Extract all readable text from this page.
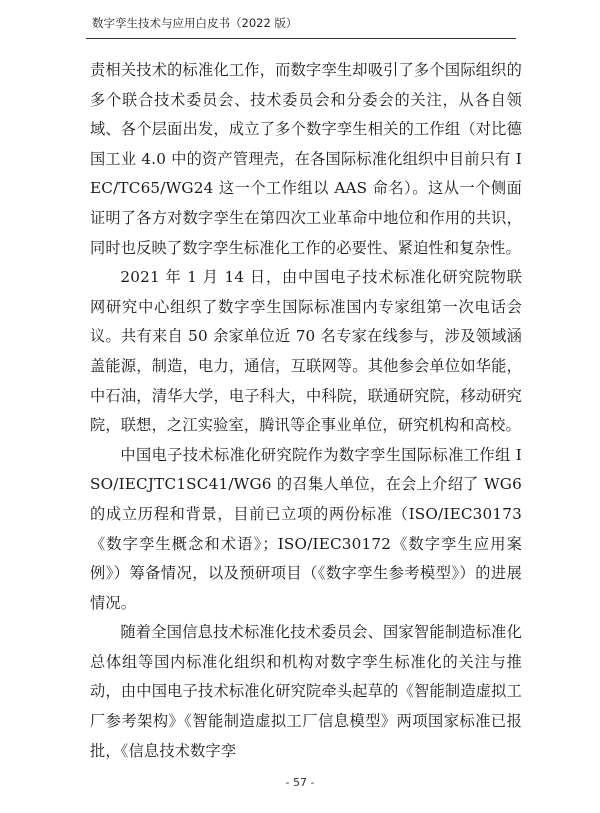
数字孪生技术与应用白皮书（2022 版）

责相关技术的标准化工作，而数字孪生却吸引了多个国际组织的多个联合技术委员会、技术委员会和分委会的关注，从各自领域、各个层面出发，成立了多个数字孪生相关的工作组（对比德国工业 4.0 中的资产管理壳，在各国际标准化组织中目前只有 IEC/TC65/WG24 这一个工作组以 AAS 命名）。这从一个侧面证明了各方对数字孪生在第四次工业革命中地位和作用的共识，同时也反映了数字孪生标准化工作的必要性、紧迫性和复杂性。

2021 年 1 月 14 日，由中国电子技术标准化研究院物联网研究中心组织了数字孪生国际标准国内专家组第一次电话会议。共有来自 50 余家单位近 70 名专家在线参与，涉及领域涵盖能源，制造，电力，通信，互联网等。其他参会单位如华能，中石油，清华大学，电子科大，中科院，联通研究院，移动研究院，联想，之江实验室，腾讯等企事业单位，研究机构和高校。

中国电子技术标准化研究院作为数字孪生国际标准工作组 ISO/IECJTC1SC41/WG6 的召集人单位，在会上介绍了 WG6 的成立历程和背景，目前已立项的两份标准（ISO/IEC30173《数字孪生概念和术语》；ISO/IEC30172《数字孪生应用案例》）筹备情况，以及预研项目（《数字孪生参考模型》）的进展情况。

随着全国信息技术标准化技术委员会、国家智能制造标准化总体组等国内标准化组织和机构对数字孪生标准化的关注与推动，由中国电子技术标准化研究院牵头起草的《智能制造虚拟工厂参考架构》《智能制造虚拟工厂信息模型》两项国家标准已报批，《信息技术数字孪

- 57 -
